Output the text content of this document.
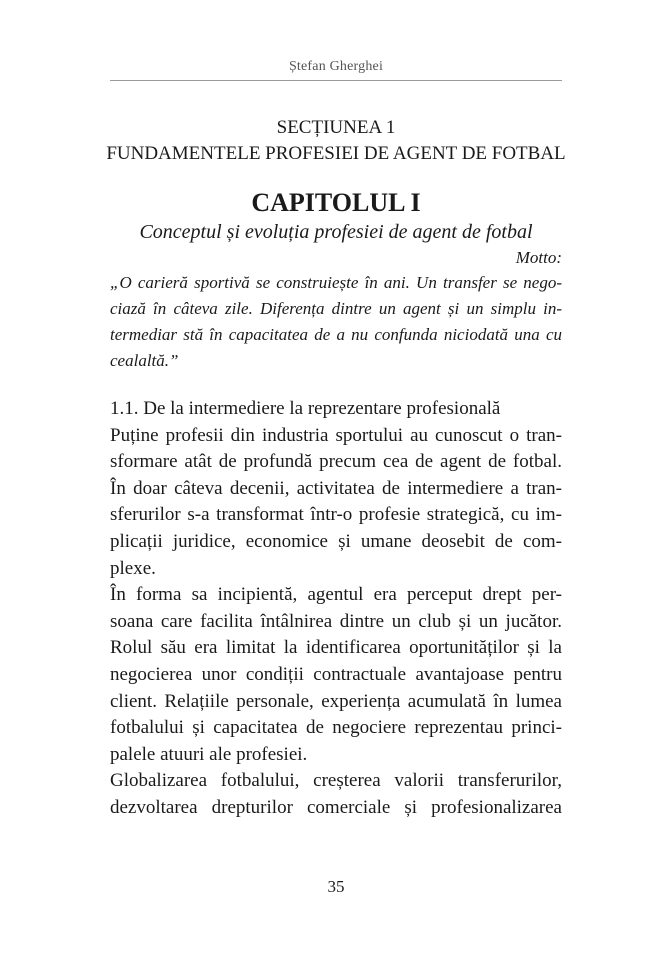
Ștefan Gherghei
SECȚIUNEA 1
FUNDAMENTELE PROFESIEI DE AGENT DE FOTBAL
CAPITOLUL I
Conceptul și evoluția profesiei de agent de fotbal
Motto:
„O carieră sportivă se construiește în ani. Un transfer se nego-
ciază în câteva zile. Diferența dintre un agent și un simplu in-
termediar stă în capacitatea de a nu confunda niciodată una cu
cealaltă.”
1.1. De la intermediere la reprezentare profesională
Puține profesii din industria sportului au cunoscut o tran-
sformare atât de profundă precum cea de agent de fotbal.
În doar câteva decenii, activitatea de intermediere a tran-
sferurilor s-a transformat într-o profesie strategică, cu im-
plicații juridice, economice și umane deosebit de com-
plexe.
În forma sa incipientă, agentul era perceput drept per-
soana care facilita întâlnirea dintre un club și un jucător.
Rolul său era limitat la identificarea oportunităților și la
negocierea unor condiții contractuale avantajoase pentru
client. Relațiile personale, experiența acumulată în lumea
fotbalului și capacitatea de negociere reprezentau princi-
palele atuuri ale profesiei.
Globalizarea fotbalului, creșterea valorii transferurilor,
dezvoltarea drepturilor comerciale și profesionalizarea
35
